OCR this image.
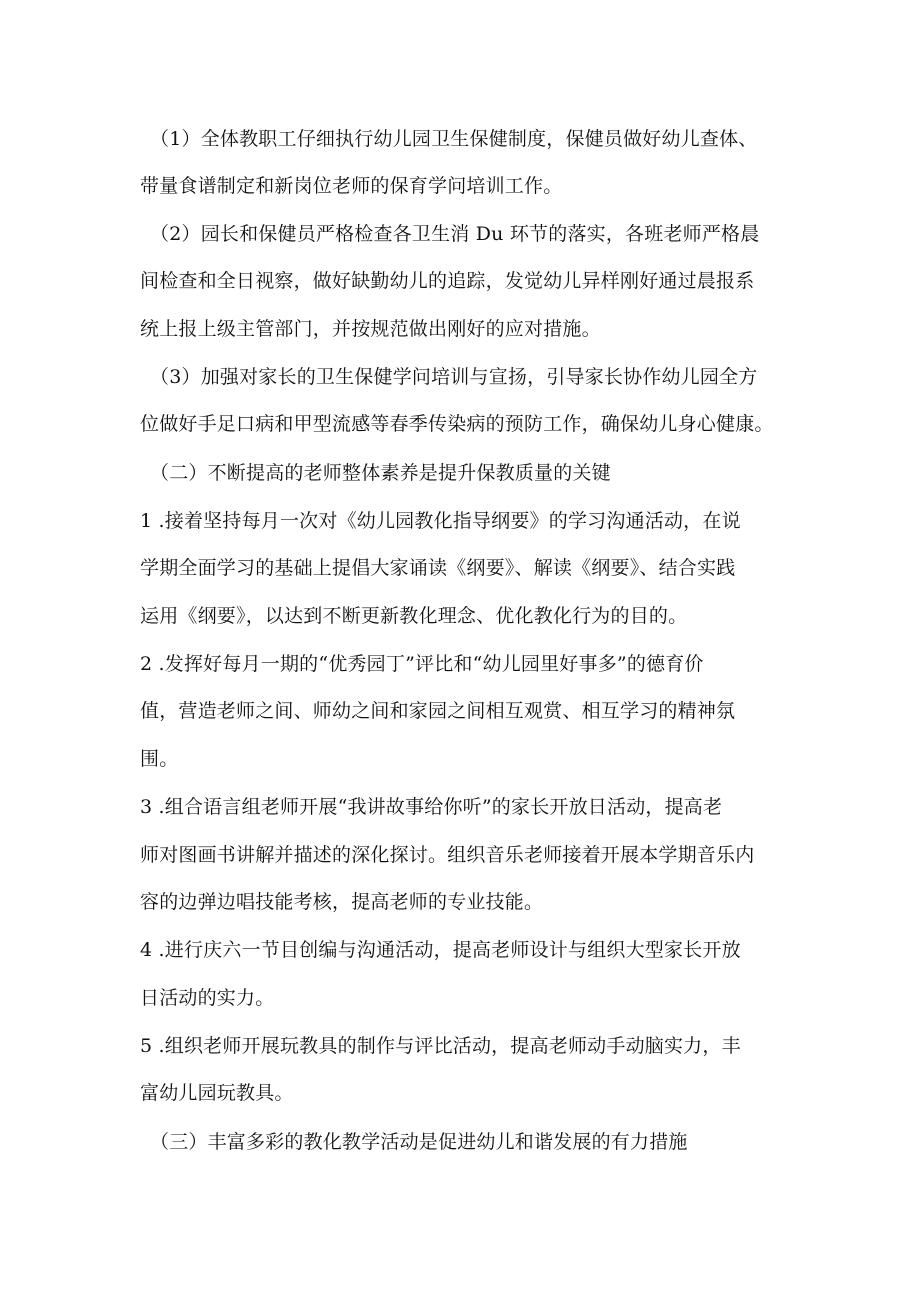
（1）全体教职工仔细执行幼儿园卫生保健制度，保健员做好幼儿查体、
带量食谱制定和新岗位老师的保育学问培训工作。
（2）园长和保健员严格检查各卫生消 Du 环节的落实，各班老师严格晨
间检查和全日视察，做好缺勤幼儿的追踪，发觉幼儿异样刚好通过晨报系
统上报上级主管部门，并按规范做出刚好的应对措施。
（3）加强对家长的卫生保健学问培训与宣扬，引导家长协作幼儿园全方
位做好手足口病和甲型流感等春季传染病的预防工作，确保幼儿身心健康。
（二）不断提高的老师整体素养是提升保教质量的关键
1 .接着坚持每月一次对《幼儿园教化指导纲要》的学习沟通活动，在说
学期全面学习的基础上提倡大家诵读《纲要》、解读《纲要》、结合实践
运用《纲要》，以达到不断更新教化理念、优化教化行为的目的。
2 .发挥好每月一期的“优秀园丁”评比和“幼儿园里好事多”的德育价
值，营造老师之间、师幼之间和家园之间相互观赏、相互学习的精神氛
围。
3 .组合语言组老师开展“我讲故事给你听”的家长开放日活动，提高老
师对图画书讲解并描述的深化探讨。组织音乐老师接着开展本学期音乐内
容的边弹边唱技能考核，提高老师的专业技能。
4 .进行庆六一节目创编与沟通活动，提高老师设计与组织大型家长开放
日活动的实力。
5 .组织老师开展玩教具的制作与评比活动，提高老师动手动脑实力，丰
富幼儿园玩教具。
（三）丰富多彩的教化教学活动是促进幼儿和谐发展的有力措施
